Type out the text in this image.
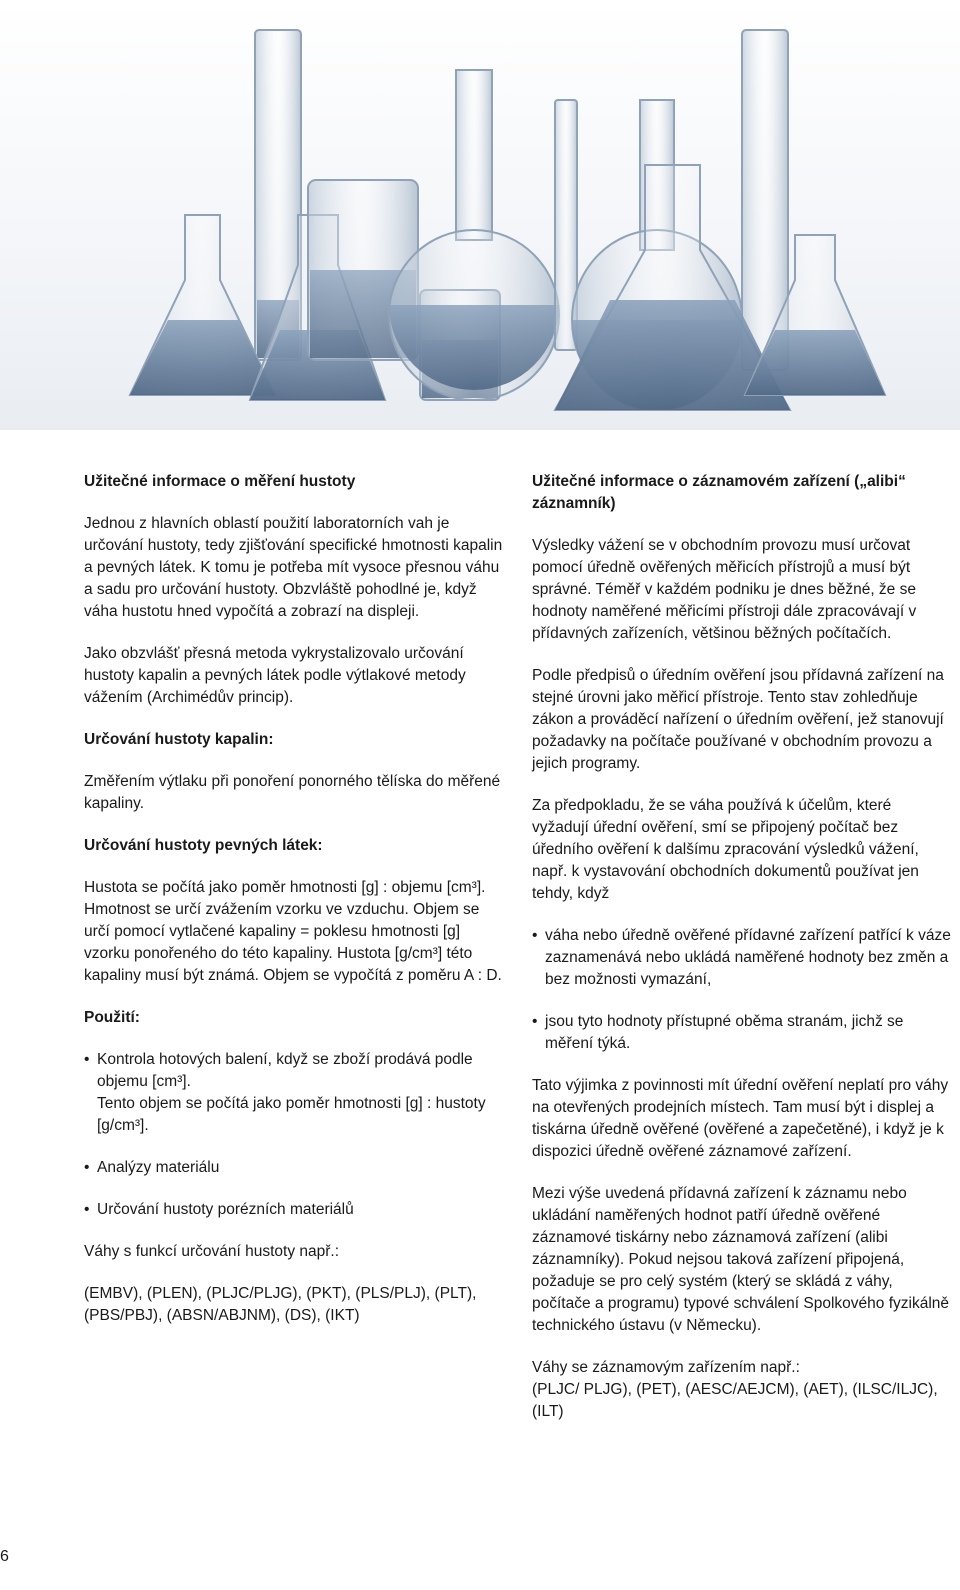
Užitečné informace o měření hustoty

Jednou z hlavních oblastí použití laboratorních vah je určování hustoty, tedy zjišťování specifické hmotnosti kapalin a pevných látek. K tomu je potřeba mít vysoce přesnou váhu a sadu pro určování hustoty. Obzvláště pohodlné je, když váha hustotu hned vypočítá a zobrazí na displeji.

Jako obzvlášť přesná metoda vykrystalizovalo určování hustoty kapalin a pevných látek podle výtlakové metody vážením (Archimédův princip).

Určování hustoty kapalin:

Změřením výtlaku při ponoření ponorného tělíska do měřené kapaliny.

Určování hustoty pevných látek:

Hustota se počítá jako poměr hmotnosti [g] : objemu [cm³]. Hmotnost se určí zvážením vzorku ve vzduchu. Objem se určí pomocí vytlačené kapaliny = poklesu hmotnosti [g] vzorku ponořeného do této kapaliny. Hustota [g/cm³] této kapaliny musí být známá. Objem se vypočítá z poměru A : D.

Použití:
• Kontrola hotových balení, když se zboží prodává podle objemu [cm³].
Tento objem se počítá jako poměr hmotnosti [g] : hustoty [g/cm³].
• Analýzy materiálu
• Určování hustoty porézních materiálů

Váhy s funkcí určování hustoty např.:

(EMBV), (PLEN), (PLJC/PLJG), (PKT), (PLS/PLJ), (PLT), (PBS/PBJ), (ABSN/ABJNM), (DS), (IKT)

Užitečné informace o záznamovém zařízení („alibi“ záznamník)

Výsledky vážení se v obchodním provozu musí určovat pomocí úředně ověřených měřicích přístrojů a musí být správné. Téměř v každém podniku je dnes běžné, že se hodnoty naměřené měřicími přístroji dále zpracovávají v přídavných zařízeních, většinou běžných počítačích.

Podle předpisů o úředním ověření jsou přídavná zařízení na stejné úrovni jako měřicí přístroje. Tento stav zohledňuje zákon a prováděcí nařízení o úředním ověření, jež stanovují požadavky na počítače používané v obchodním provozu a jejich programy.

Za předpokladu, že se váha používá k účelům, které vyžadují úřední ověření, smí se připojený počítač bez úředního ověření k dalšímu zpracování výsledků vážení, např. k vystavování obchodních dokumentů používat jen tehdy, když

• váha nebo úředně ověřené přídavné zařízení patřící k váze zaznamenává nebo ukládá naměřené hodnoty bez změn a bez možnosti vymazání,
• jsou tyto hodnoty přístupné oběma stranám, jichž se měření týká.

Tato výjimka z povinnosti mít úřední ověření neplatí pro váhy na otevřených prodejních místech. Tam musí být i displej a tiskárna úředně ověřené (ověřené a zapečetěné), i když je k dispozici úředně ověřené záznamové zařízení.

Mezi výše uvedená přídavná zařízení k záznamu nebo ukládání naměřených hodnot patří úředně ověřené záznamové tiskárny nebo záznamová zařízení (alibi záznamníky). Pokud nejsou taková zařízení připojená, požaduje se pro celý systém (který se skládá z váhy, počítače a programu) typové schválení Spolkového fyzikálně technického ústavu (v Německu).

Váhy se záznamovým zařízením např.:

(PLJC/ PLJG), (PET), (AESC/AEJCM), (AET), (ILSC/ILJC), (ILT)

6
